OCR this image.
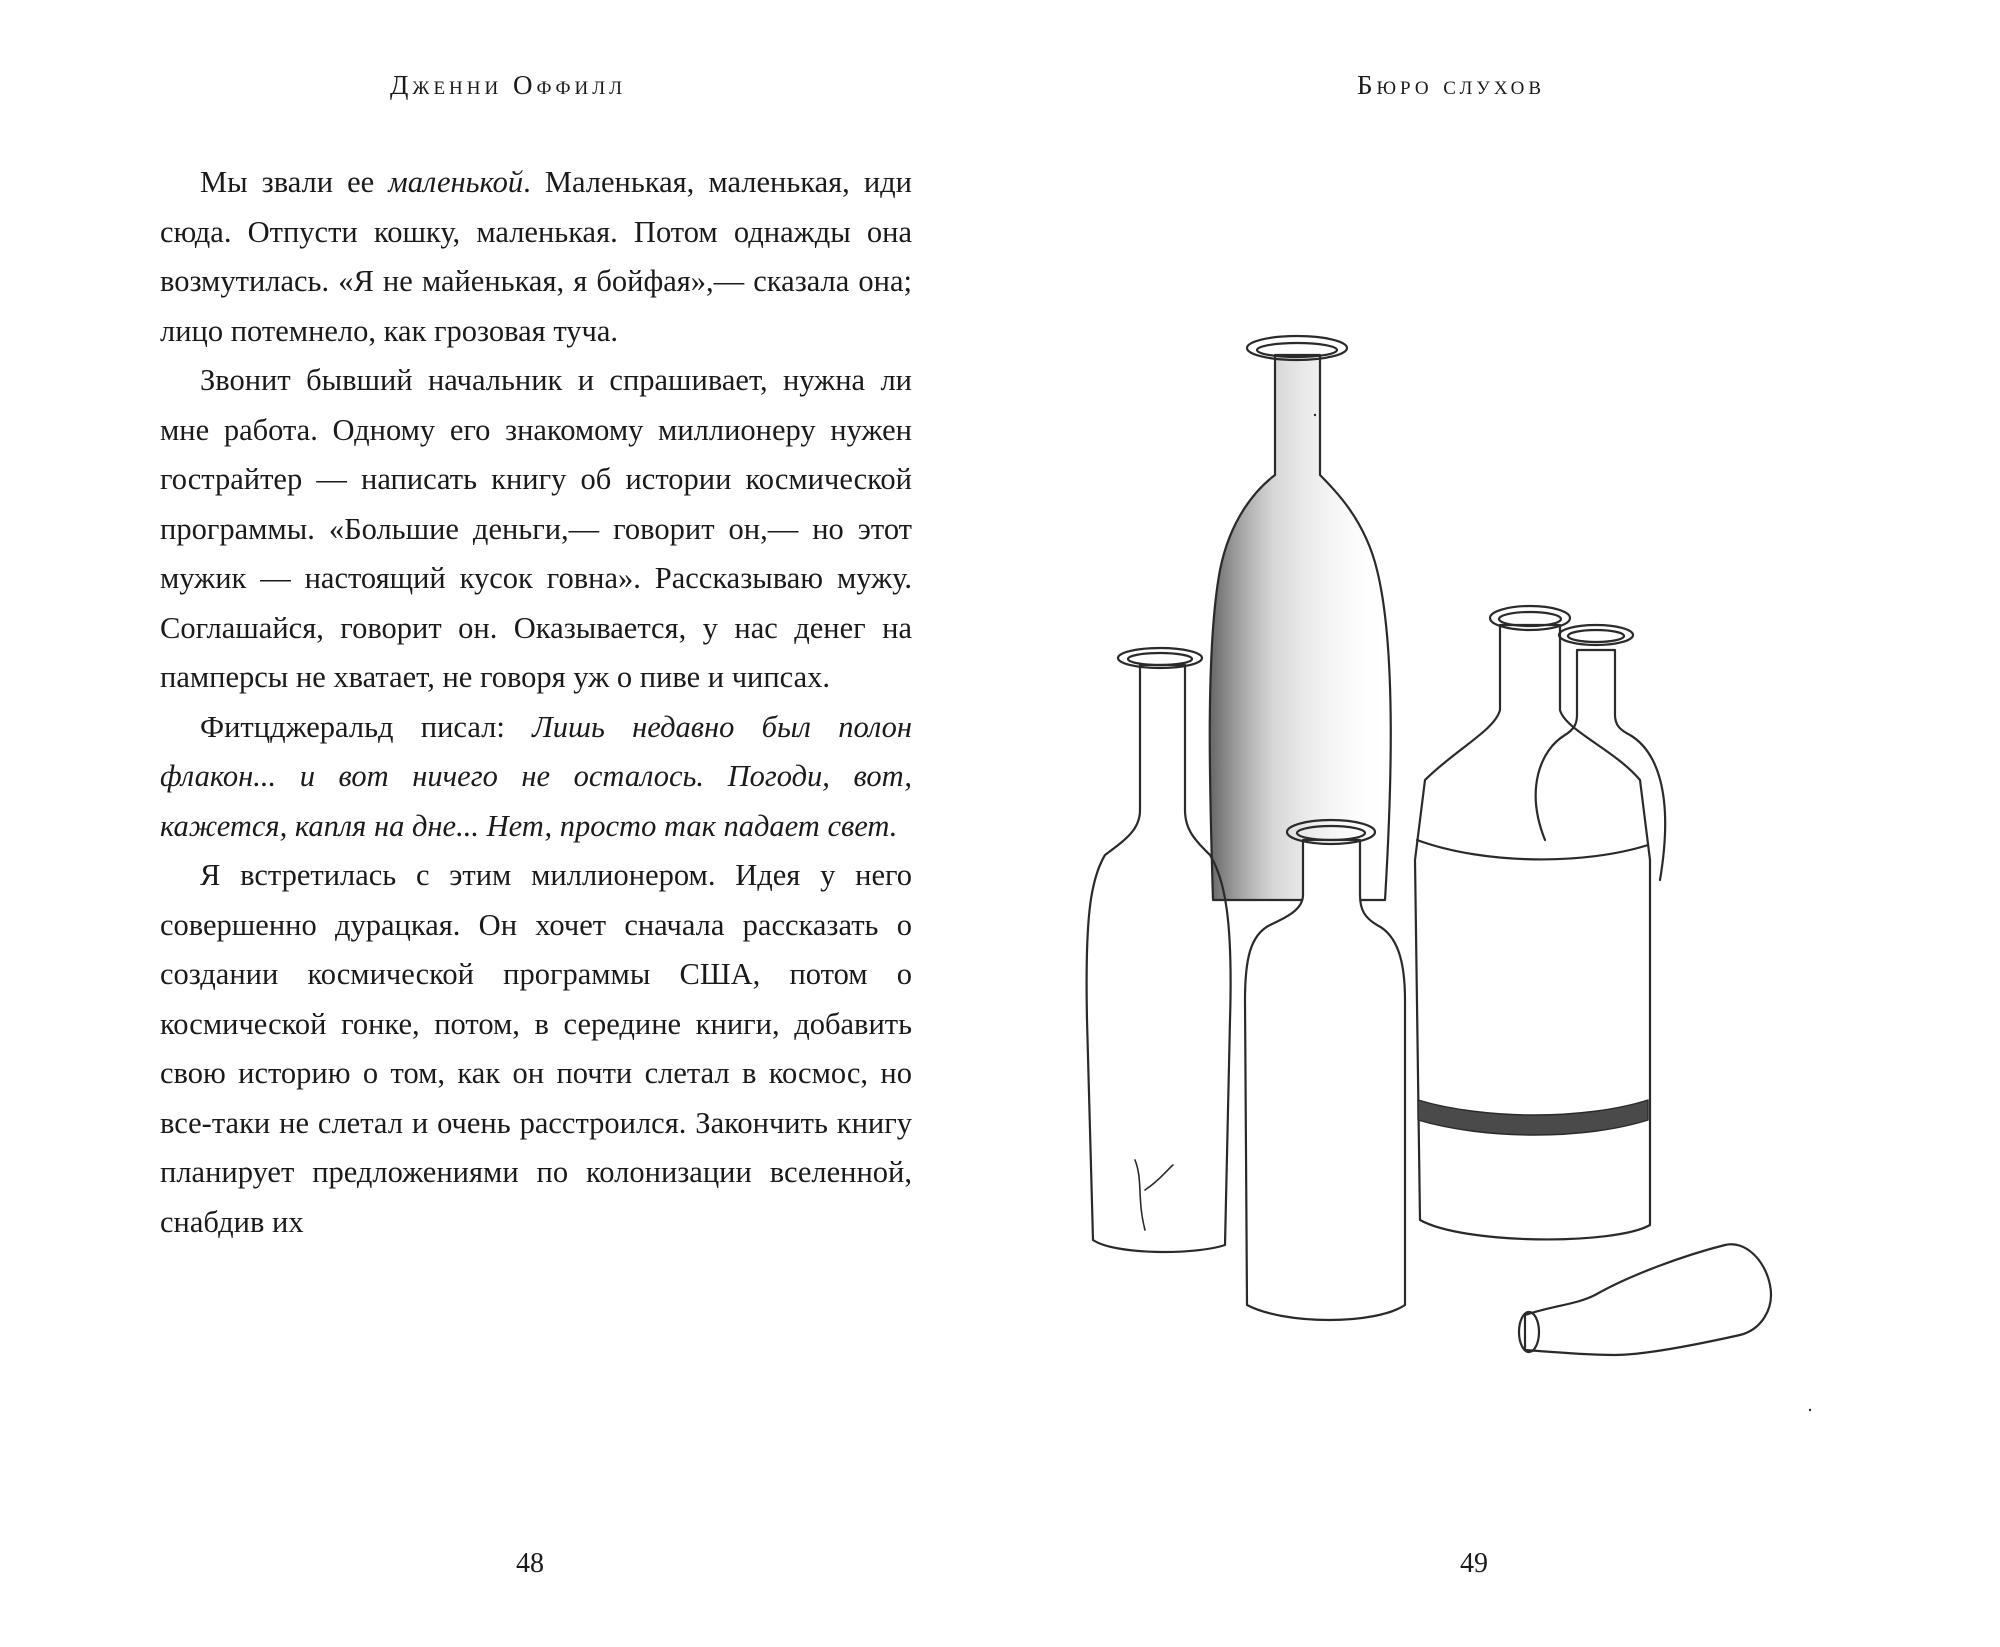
Дженни Оффилл

Мы звали ее маленькой. Маленькая, маленькая, иди сюда. Отпусти кошку, маленькая. Потом однажды она возмутилась. «Я не майенькая, я бойфая»,— сказала она; лицо потемнело, как грозовая туча.

Звонит бывший начальник и спрашивает, нужна ли мне работа. Одному его знакомому миллионеру нужен гострайтер — написать книгу об истории космической программы. «Большие деньги,— говорит он,— но этот мужик — настоящий кусок говна». Рассказываю мужу. Соглашайся, говорит он. Оказывается, у нас денег на памперсы не хватает, не говоря уж о пиве и чипсах.

Фитцджеральд писал: Лишь недавно был полон флакон... и вот ничего не осталось. Погоди, вот, кажется, капля на дне... Нет, просто так падает свет.

Я встретилась с этим миллионером. Идея у него совершенно дурацкая. Он хочет сначала рассказать о создании космической программы США, потом о космической гонке, потом, в середине книги, добавить свою историю о том, как он почти слетал в космос, но все-таки не слетал и очень расстроился. Закончить книгу планирует предложениями по колонизации вселенной, снабдив их

48
Бюро слухов
49
